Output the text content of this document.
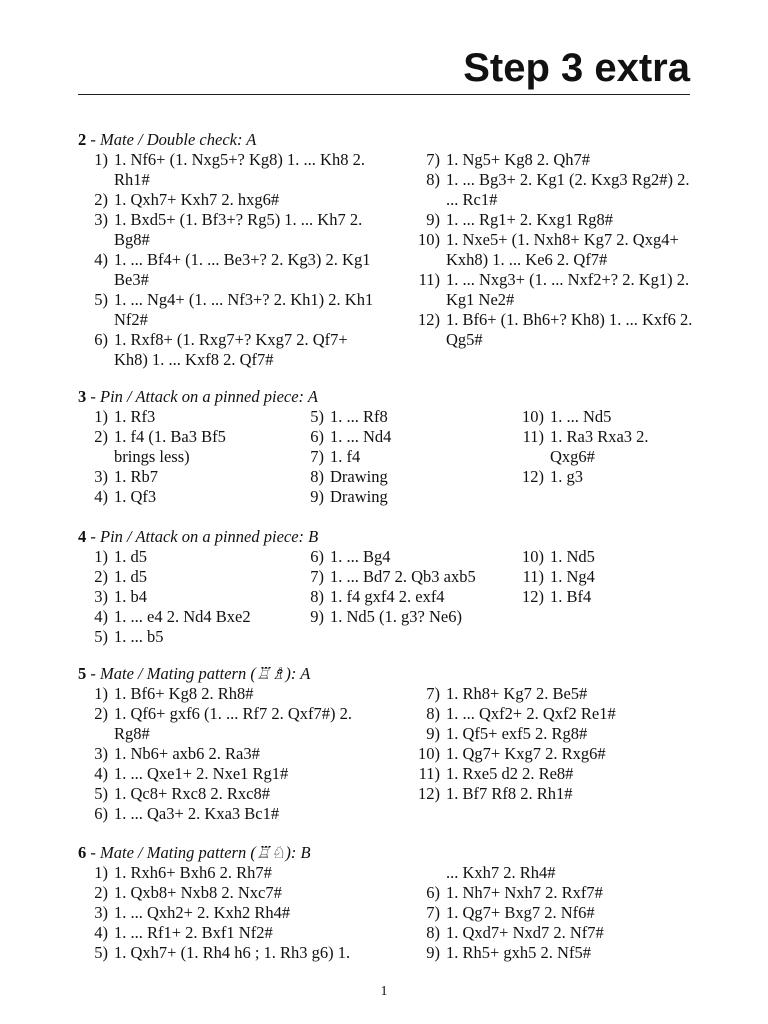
Step 3 extra
2 - Mate / Double check: A
1) 1. Nf6+ (1. Nxg5+? Kg8) 1. ... Kh8 2. Rh1#
2) 1. Qxh7+ Kxh7 2. hxg6#
3) 1. Bxd5+ (1. Bf3+? Rg5) 1. ... Kh7 2. Bg8#
4) 1. ... Bf4+ (1. ... Be3+? 2. Kg3) 2. Kg1 Be3#
5) 1. ... Ng4+ (1. ... Nf3+? 2. Kh1) 2. Kh1 Nf2#
6) 1. Rxf8+ (1. Rxg7+? Kxg7 2. Qf7+ Kh8) 1. ... Kxf8 2. Qf7#
7) 1. Ng5+ Kg8 2. Qh7#
8) 1. ... Bg3+ 2. Kg1 (2. Kxg3 Rg2#) 2. ... Rc1#
9) 1. ... Rg1+ 2. Kxg1 Rg8#
10) 1. Nxe5+ (1. Nxh8+ Kg7 2. Qxg4+ Kxh8) 1. ... Ke6 2. Qf7#
11) 1. ... Nxg3+ (1. ... Nxf2+? 2. Kg1) 2. Kg1 Ne2#
12) 1. Bf6+ (1. Bh6+? Kh8) 1. ... Kxf6 2. Qg5#
3 - Pin / Attack on a pinned piece: A
1) 1. Rf3
2) 1. f4 (1. Ba3 Bf5 brings less)
3) 1. Rb7
4) 1. Qf3
5) 1. ... Rf8
6) 1. ... Nd4
7) 1. f4
8) Drawing
9) Drawing
10) 1. ... Nd5
11) 1. Ra3 Rxa3 2. Qxg6#
12) 1. g3
4 - Pin / Attack on a pinned piece: B
1) 1. d5
2) 1. d5
3) 1. b4
4) 1. ... e4 2. Nd4 Bxe2
5) 1. ... b5
6) 1. ... Bg4
7) 1. ... Bd7 2. Qb3 axb5
8) 1. f4 gxf4 2. exf4
9) 1. Nd5 (1. g3? Ne6)
10) 1. Nd5
11) 1. Ng4
12) 1. Bf4
5 - Mate / Mating pattern (♖♗): A
1) 1. Bf6+ Kg8 2. Rh8#
2) 1. Qf6+ gxf6 (1. ... Rf7 2. Qxf7#) 2. Rg8#
3) 1. Nb6+ axb6 2. Ra3#
4) 1. ... Qxe1+ 2. Nxe1 Rg1#
5) 1. Qc8+ Rxc8 2. Rxc8#
6) 1. ... Qa3+ 2. Kxa3 Bc1#
7) 1. Rh8+ Kg7 2. Be5#
8) 1. ... Qxf2+ 2. Qxf2 Re1#
9) 1. Qf5+ exf5 2. Rg8#
10) 1. Qg7+ Kxg7 2. Rxg6#
11) 1. Rxe5 d2 2. Re8#
12) 1. Bf7 Rf8 2. Rh1#
6 - Mate / Mating pattern (♖♘): B
1) 1. Rxh6+ Bxh6 2. Rh7#
2) 1. Qxb8+ Nxb8 2. Nxc7#
3) 1. ... Qxh2+ 2. Kxh2 Rh4#
4) 1. ... Rf1+ 2. Bxf1 Nf2#
5) 1. Qxh7+ (1. Rh4 h6 ; 1. Rh3 g6) 1.
... Kxh7 2. Rh4#
6) 1. Nh7+ Nxh7 2. Rxf7#
7) 1. Qg7+ Bxg7 2. Nf6#
8) 1. Qxd7+ Nxd7 2. Nf7#
9) 1. Rh5+ gxh5 2. Nf5#
1
